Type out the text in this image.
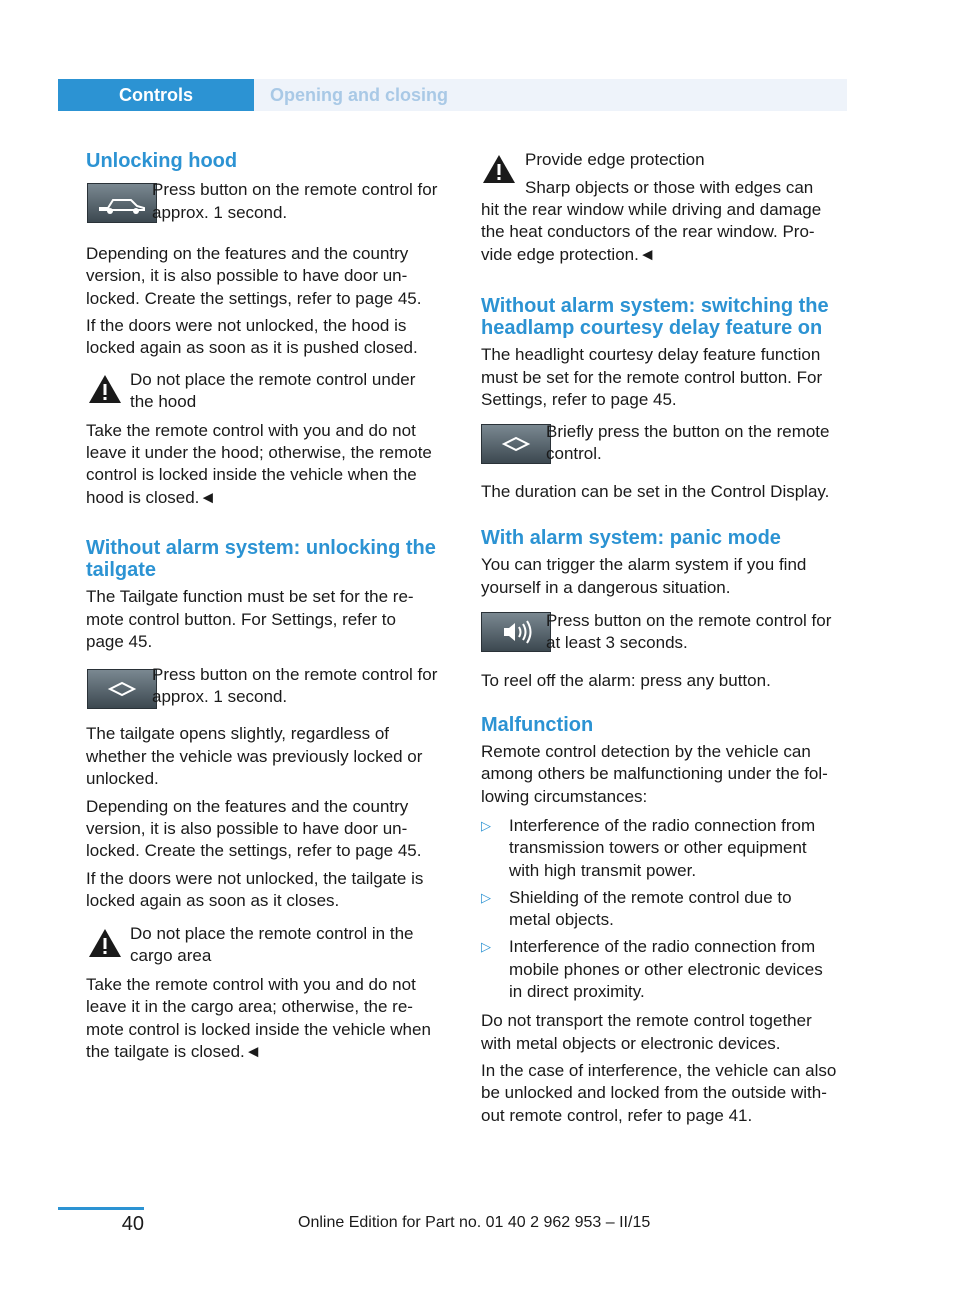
Controls	Opening and closing
Unlocking hood

Press button on the remote control for

approx. 1 second.

Depending on the features and the country

version, it is also possible to have door un-

locked. Create the settings, refer to page 45.

If the doors were not unlocked, the hood is

locked again as soon as it is pushed closed.

Do not place the remote control under

the hood

Take the remote control with you and do not

leave it under the hood; otherwise, the remote

control is locked inside the vehicle when the

hood is closed.◄

Without alarm system: unlocking the
tailgate

The Tailgate function must be set for the re-

mote control button. For Settings, refer to

page 45.

Press button on the remote control for

approx. 1 second.

The tailgate opens slightly, regardless of

whether the vehicle was previously locked or

unlocked.

Depending on the features and the country

version, it is also possible to have door un-

locked. Create the settings, refer to page 45.

If the doors were not unlocked, the tailgate is

locked again as soon as it closes.

Do not place the remote control in the

cargo area

Take the remote control with you and do not

leave it in the cargo area; otherwise, the re-

mote control is locked inside the vehicle when

the tailgate is closed.◄

Provide edge protection

Sharp objects or those with edges can

hit the rear window while driving and damage

the heat conductors of the rear window. Pro-

vide edge protection.◄

Without alarm system: switching the
headlamp courtesy delay feature on

The headlight courtesy delay feature function

must be set for the remote control button. For

Settings, refer to page 45.

Briefly press the button on the remote

control.

The duration can be set in the Control Display.

With alarm system: panic mode

You can trigger the alarm system if you find

yourself in a dangerous situation.

Press button on the remote control for

at least 3 seconds.

To reel off the alarm: press any button.

Malfunction

Remote control detection by the vehicle can

among others be malfunctioning under the fol-

lowing circumstances:

▷ Interference of the radio connection from
transmission towers or other equipment
with high transmit power.
▷ Shielding of the remote control due to
metal objects.
▷ Interference of the radio connection from
mobile phones or other electronic devices
in direct proximity.

Do not transport the remote control together

with metal objects or electronic devices.

In the case of interference, the vehicle can also

be unlocked and locked from the outside with-

out remote control, refer to page 41.

40	Online Edition for Part no. 01 40 2 962 953 – II/15
